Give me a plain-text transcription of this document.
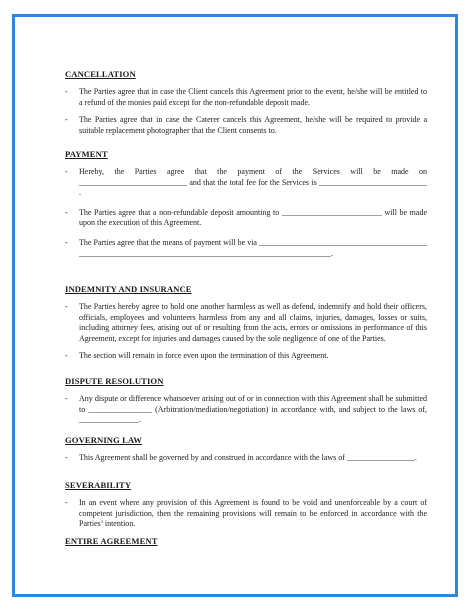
CANCELLATION
- The Parties agree that in case the Client cancels this Agreement prior to the event, he/she will be entitled to a refund of the monies paid except for the non-refundable deposit made.
- The Parties agree that in case the Caterer cancels this Agreement, he/she will be required to provide a suitable replacement photographer that the Client consents to.
PAYMENT
- Hereby, the Parties agree that the payment of the Services will be made on ___________________________ and that the total fee for the Services is ___________________________ .
- The Parties agree that a non-refundable deposit amounting to _________________________ will be made upon the execution of this Agreement.
- The Parties agree that the means of payment will be via _________________________________________________________________________________________________________.
INDEMNITY AND INSURANCE
- The Parties hereby agree to hold one another harmless as well as defend, indemnify and hold their officers, officials, employees and volunteers harmless from any and all claims, injuries, damages, losses or suits, including attorney fees, arising out of or resulting from the acts, errors or omissions in performance of this Agreement, except for injuries and damages caused by the sole negligence of one of the Parties.
- The section will remain in force even upon the termination of this Agreement.
DISPUTE RESOLUTION
- Any dispute or difference whatsoever arising out of or in connection with this Agreement shall be submitted to ________________ (Arbitration/mediation/negotiation) in accordance with, and subject to the laws of, _______________.
GOVERNING LAW
- This Agreement shall be governed by and construed in accordance with the laws of _________________.
SEVERABILITY
- In an event where any provision of this Agreement is found to be void and unenforceable by a court of competent jurisdiction, then the remaining provisions will remain to be enforced in accordance with the Parties’ intention.
ENTIRE AGREEMENT
